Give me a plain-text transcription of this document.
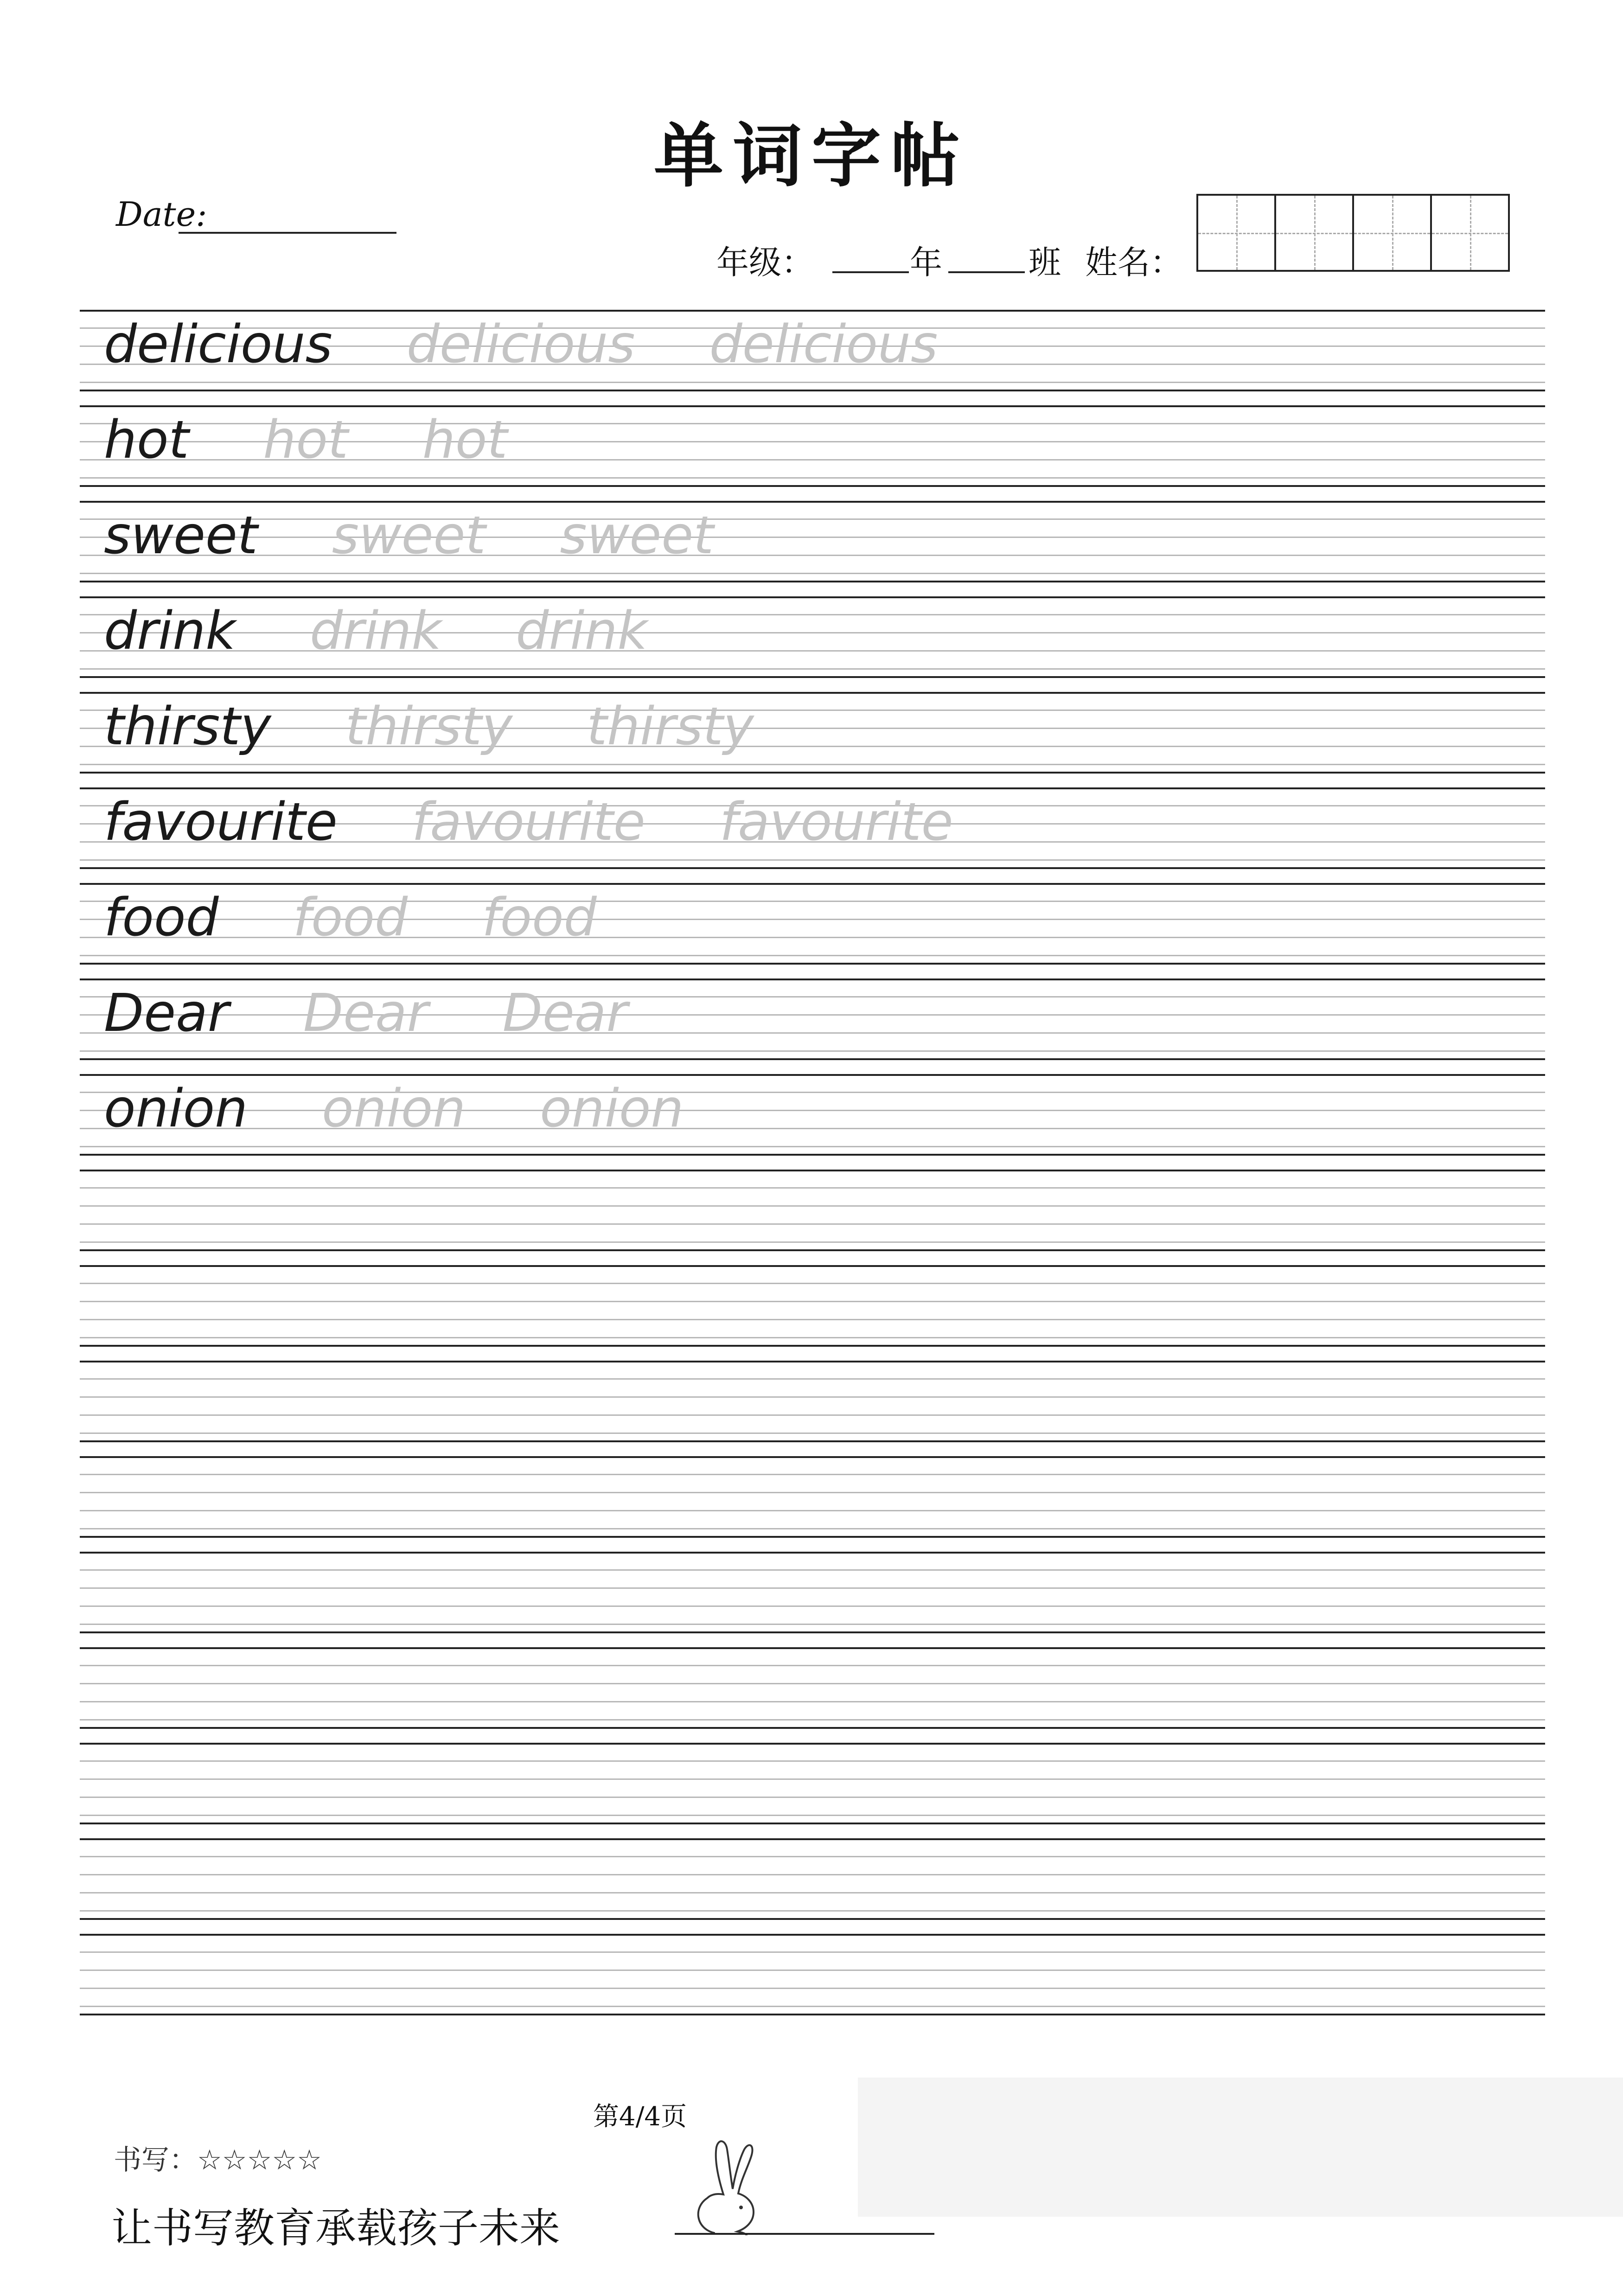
单词字帖
Date:
年级：	年	班 姓名：
delicious delicious delicious
hot hot hot
sweet sweet sweet
drink drink drink
thirsty thirsty thirsty
favourite favourite favourite
food food food
Dear Dear Dear
onion onion onion
第4/4页
书写：☆☆☆☆☆
让书写教育承载孩子未来
